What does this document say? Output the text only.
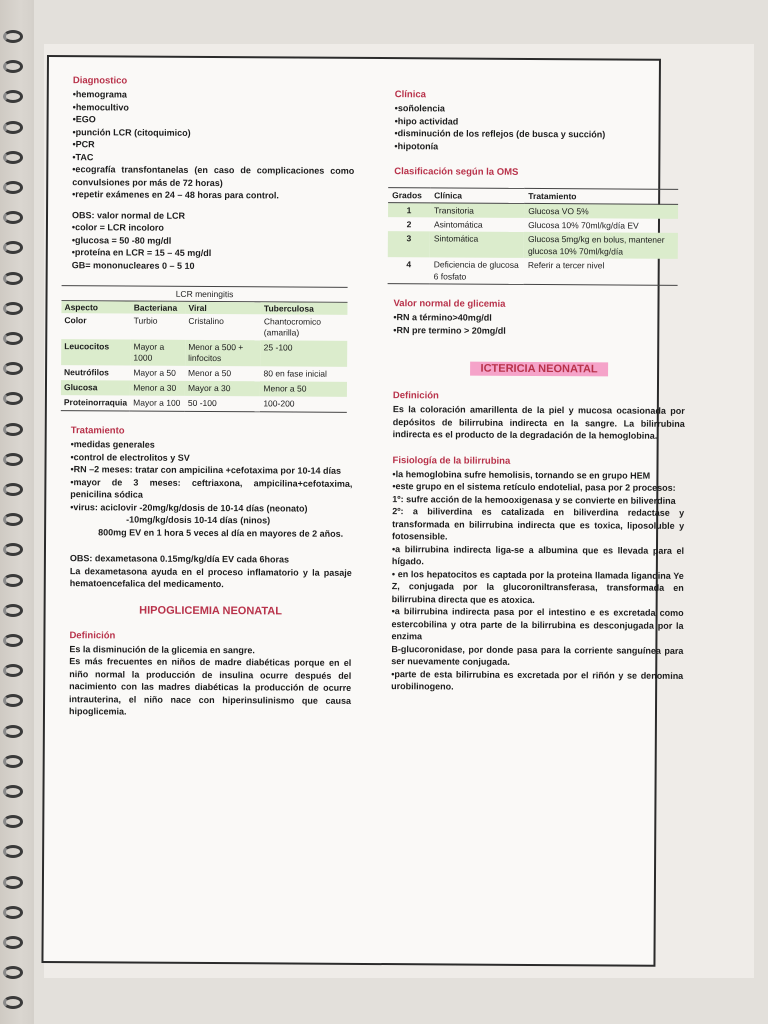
Diagnostico

•hemograma

•hemocultivo

•EGO

•punción LCR (citoquimico)

•PCR

•TAC

•ecografía transfontanelas (en caso de complicaciones como convulsiones por más de 72 horas)

•repetir exámenes en 24 – 48 horas para control.

OBS: valor normal de LCR

•color = LCR incoloro

•glucosa = 50 -80 mg/dl

•proteína en LCR = 15 – 45 mg/dl

GB= mononucleares 0 – 5 10

LCR meningitis
Aspecto	Bacteriana	Viral	Tuberculosa
Color	Turbio	Cristalino	Chantocromico (amarilla)
Leucocitos	Mayor a 1000	Menor a 500 + linfocitos	25 -100
Neutrófilos	Mayor a 50	Menor a 50	80 en fase inicial
Glucosa	Menor a 30	Mayor a 30	Menor a 50
Proteinorraquia	Mayor a 100	50 -100	100-200

Tratamiento

•medidas generales

•control de electrolitos y SV

•RN –2 meses: tratar con ampicilina +cefotaxima por 10-14 días

•mayor de 3 meses: ceftriaxona, ampicilina+cefotaxima, penicilina sódica

•virus: aciclovir -20mg/kg/dosis de 10-14 días (neonato)

-10mg/kg/dosis 10-14 días (ninos)

800mg EV en 1 hora 5 veces al día en mayores de 2 años.

OBS: dexametasona 0.15mg/kg/día EV cada 6horas

La dexametasona ayuda en el proceso inflamatorio y la pasaje hematoencefalica del medicamento.

HIPOGLICEMIA NEONATAL

Definición

Es la disminución de la glicemia en sangre.

Es más frecuentes en niños de madre diabéticas porque en el niño normal la producción de insulina ocurre después del nacimiento con las madres diabéticas la producción de ocurre intrauterina, el niño nace con hiperinsulinismo que causa hipoglicemia.

Clínica

•soñolencia

•hipo actividad

•disminución de los reflejos (de busca y succión)

•hipotonía

Clasificación según la OMS

Grados	Clínica	Tratamiento
1	Transitoria	Glucosa VO 5%
2	Asintomática	Glucosa 10% 70ml/kg/día EV
3	Sintomática	Glucosa 5mg/kg en bolus, mantener glucosa 10% 70ml/kg/día
4	Deficiencia de glucosa 6 fosfato	Referir a tercer nivel

Valor normal de glicemia

•RN a término>40mg/dl

•RN pre termino > 20mg/dl

ICTERICIA NEONATAL

Definición

Es la coloración amarillenta de la piel y mucosa ocasionada por depósitos de bilirrubina indirecta en la sangre. La bilirrubina indirecta es el producto de la degradación de la hemoglobina.

Fisiología de la bilirrubina

•la hemoglobina sufre hemolisis, tornando se en grupo HEM

•este grupo en el sistema retículo endotelial, pasa por 2 procesos:

1º: sufre acción de la hemooxigenasa y se convierte en biliverdina

2º: a biliverdina es catalizada en biliverdina redactase y transformada en bilirrubina indirecta que es toxica, liposoluble y fotosensible.

•a bilirrubina indirecta liga-se a albumina que es llevada para el hígado.

• en los hepatocitos es captada por la proteina llamada ligandina Ye Z, conjugada por la glucoroniltransferasa, transformada en bilirrubina directa que es atoxica.

•a bilirrubina indirecta pasa por el intestino e es excretada como estercobilina y otra parte de la bilirrubina es desconjugada por la enzima

B-glucoronidase, por donde pasa para la corriente sanguínea para ser nuevamente conjugada.

•parte de esta bilirrubina es excretada por el riñón y se denomina urobilinogeno.
